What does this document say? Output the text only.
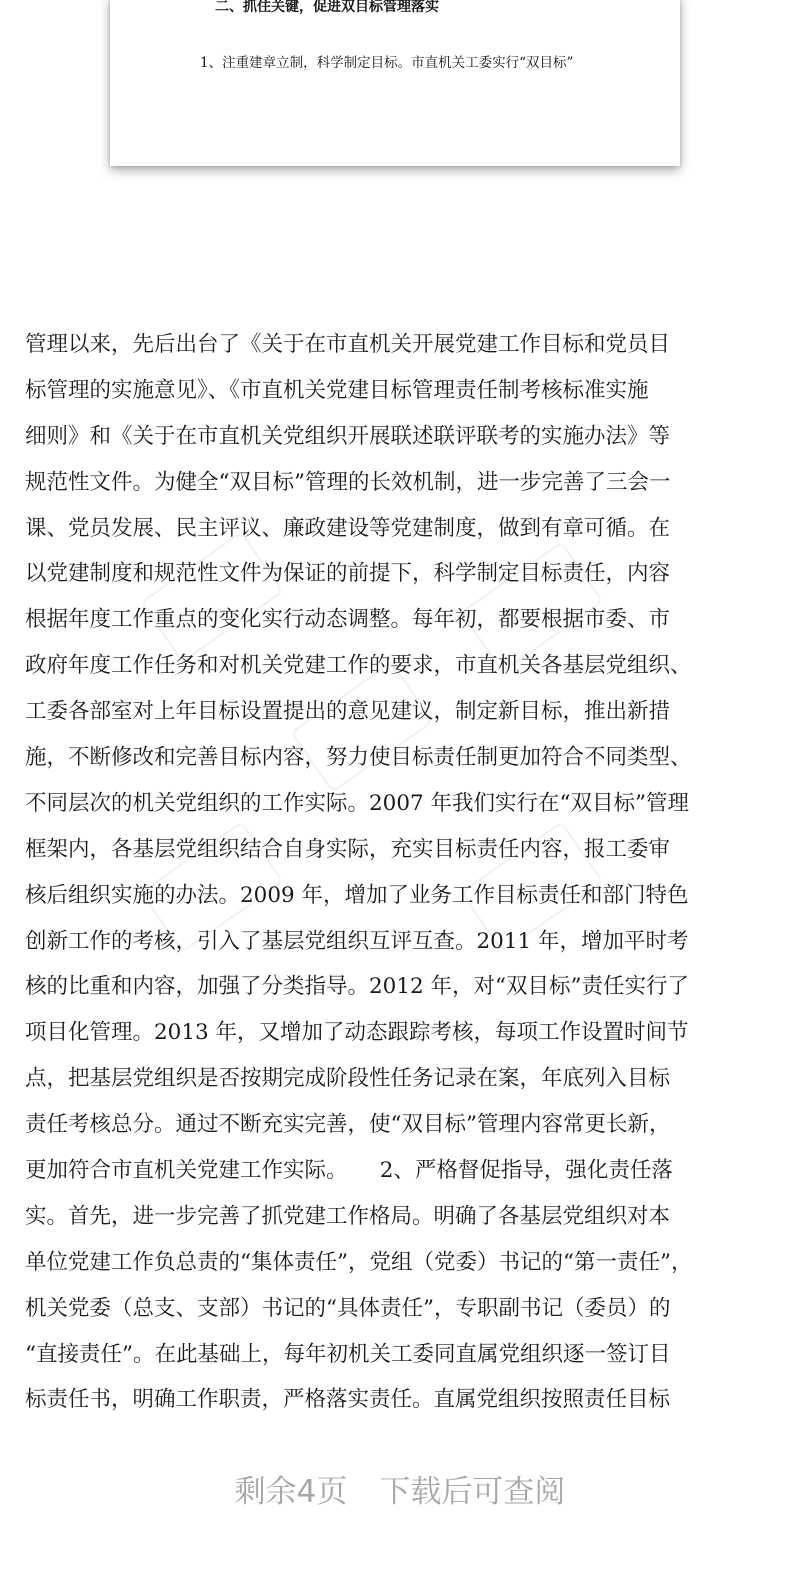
二、抓住关键，促进双目标管理落实
1、注重建章立制，科学制定目标。市直机关工委实行“双目标”
管理以来，先后出台了《关于在市直机关开展党建工作目标和党员目
标管理的实施意见》、《市直机关党建目标管理责任制考核标准实施
细则》和《关于在市直机关党组织开展联述联评联考的实施办法》等
规范性文件。为健全“双目标”管理的长效机制，进一步完善了三会一
课、党员发展、民主评议、廉政建设等党建制度，做到有章可循。在
以党建制度和规范性文件为保证的前提下，科学制定目标责任，内容
根据年度工作重点的变化实行动态调整。每年初，都要根据市委、市
政府年度工作任务和对机关党建工作的要求，市直机关各基层党组织、
工委各部室对上年目标设置提出的意见建议，制定新目标，推出新措
施，不断修改和完善目标内容，努力使目标责任制更加符合不同类型、
不同层次的机关党组织的工作实际。2007 年我们实行在“双目标”管理
框架内，各基层党组织结合自身实际，充实目标责任内容，报工委审
核后组织实施的办法。2009 年，增加了业务工作目标责任和部门特色
创新工作的考核，引入了基层党组织互评互查。2011 年，增加平时考
核的比重和内容，加强了分类指导。2012 年，对“双目标”责任实行了
项目化管理。2013 年，又增加了动态跟踪考核，每项工作设置时间节
点，把基层党组织是否按期完成阶段性任务记录在案，年底列入目标
责任考核总分。通过不断充实完善，使“双目标”管理内容常更长新，
更加符合市直机关党建工作实际。　　2、严格督促指导，强化责任落
实。首先，进一步完善了抓党建工作格局。明确了各基层党组织对本
单位党建工作负总责的“集体责任”，党组（党委）书记的“第一责任”，
机关党委（总支、支部）书记的“具体责任”，专职副书记（委员）的
“直接责任”。在此基础上，每年初机关工委同直属党组织逐一签订目
标责任书，明确工作职责，严格落实责任。直属党组织按照责任目标
剩余4页 下载后可查阅
